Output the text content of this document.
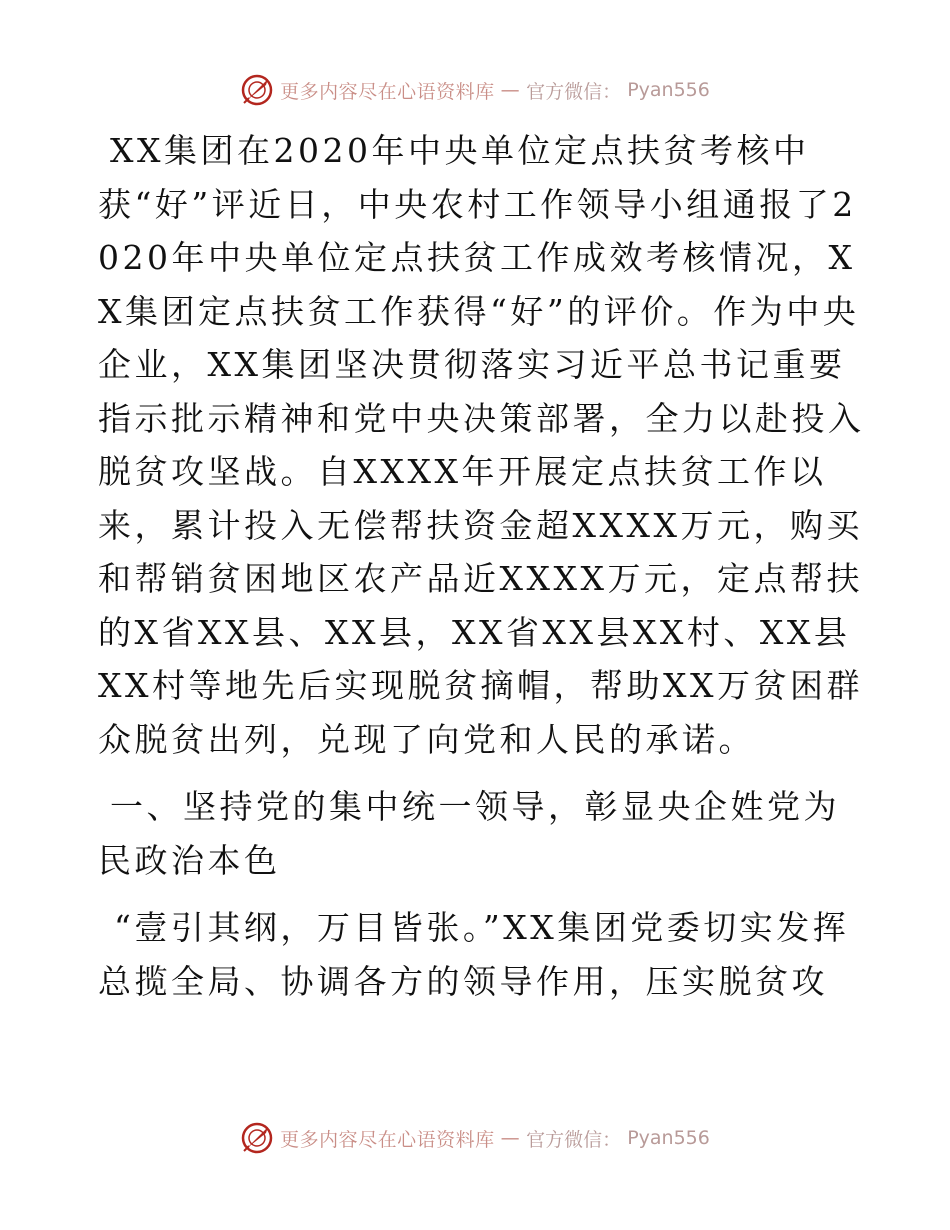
更多内容尽在心语资料库 — 官方微信： Pyan556

XX集团在2020年中央单位定点扶贫考核中获“好”评近日，中央农村工作领导小组通报了2020年中央单位定点扶贫工作成效考核情况，XX集团定点扶贫工作获得“好”的评价。作为中央企业，XX集团坚决贯彻落实习近平总书记重要指示批示精神和党中央决策部署，全力以赴投入脱贫攻坚战。自XXXX年开展定点扶贫工作以来，累计投入无偿帮扶资金超XXXX万元，购买和帮销贫困地区农产品近XXXX万元，定点帮扶的X省XX县、XX县，XX省XX县XX村、XX县XX村等地先后实现脱贫摘帽，帮助XX万贫困群众脱贫出列，兑现了向党和人民的承诺。

一、坚持党的集中统一领导，彰显央企姓党为民政治本色

“壹引其纲，万目皆张。”XX集团党委切实发挥总揽全局、协调各方的领导作用，压实脱贫攻

更多内容尽在心语资料库 — 官方微信： Pyan556
